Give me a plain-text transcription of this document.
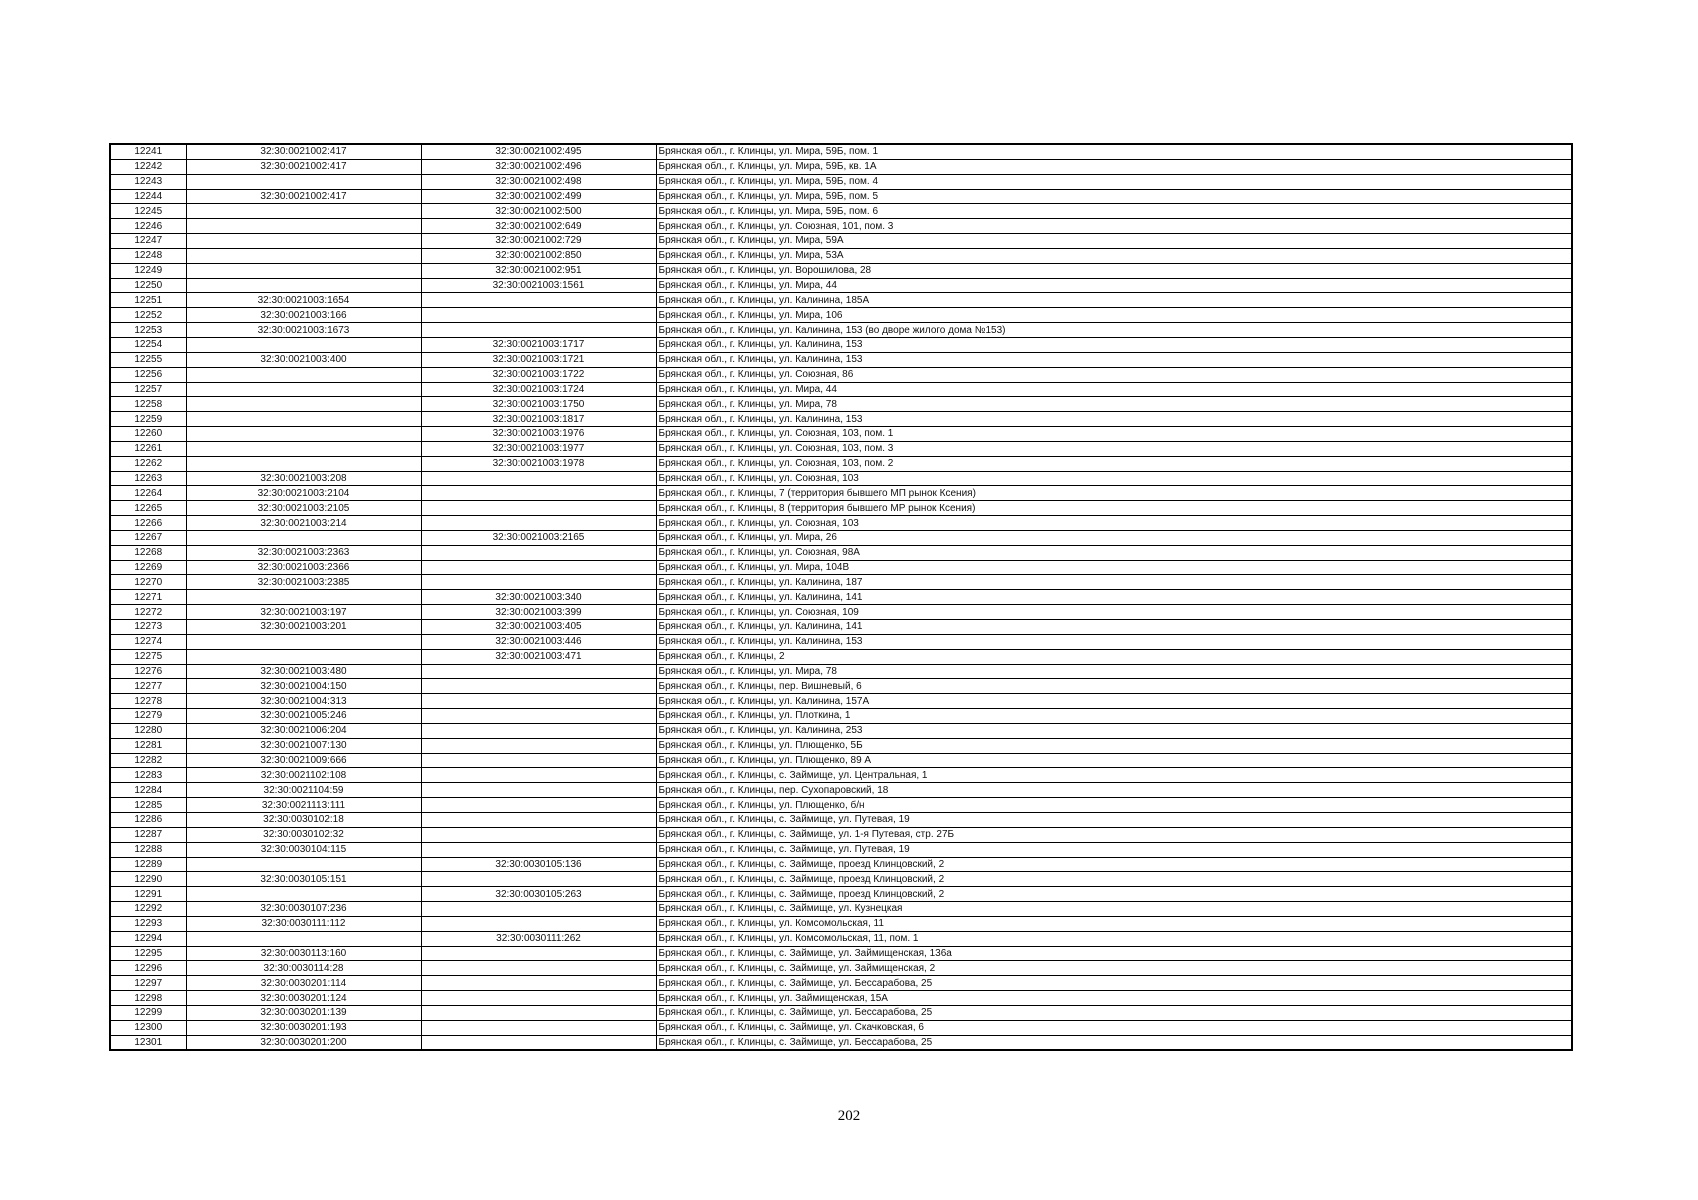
12241	32:30:0021002:417	32:30:0021002:495	Брянская обл., г. Клинцы, ул. Мира, 59Б, пом. 1
12242	32:30:0021002:417	32:30:0021002:496	Брянская обл., г. Клинцы, ул. Мира, 59Б, кв. 1А
12243		32:30:0021002:498	Брянская обл., г. Клинцы, ул. Мира, 59Б, пом. 4
12244	32:30:0021002:417	32:30:0021002:499	Брянская обл., г. Клинцы, ул. Мира, 59Б, пом. 5
12245		32:30:0021002:500	Брянская обл., г. Клинцы, ул. Мира, 59Б, пом. 6
12246		32:30:0021002:649	Брянская обл., г. Клинцы, ул. Союзная, 101, пом. 3
12247		32:30:0021002:729	Брянская обл., г. Клинцы, ул. Мира, 59А
12248		32:30:0021002:850	Брянская обл., г. Клинцы, ул. Мира, 53А
12249		32:30:0021002:951	Брянская обл., г. Клинцы, ул. Ворошилова, 28
12250		32:30:0021003:1561	Брянская обл., г. Клинцы, ул. Мира, 44
12251	32:30:0021003:1654		Брянская обл., г. Клинцы, ул. Калинина, 185А
12252	32:30:0021003:166		Брянская обл., г. Клинцы, ул. Мира, 106
12253	32:30:0021003:1673		Брянская обл., г. Клинцы, ул. Калинина, 153 (во дворе жилого дома №153)
12254		32:30:0021003:1717	Брянская обл., г. Клинцы, ул. Калинина, 153
12255	32:30:0021003:400	32:30:0021003:1721	Брянская обл., г. Клинцы, ул. Калинина, 153
12256		32:30:0021003:1722	Брянская обл., г. Клинцы, ул. Союзная, 86
12257		32:30:0021003:1724	Брянская обл., г. Клинцы, ул. Мира, 44
12258		32:30:0021003:1750	Брянская обл., г. Клинцы, ул. Мира, 78
12259		32:30:0021003:1817	Брянская обл., г. Клинцы, ул. Калинина, 153
12260		32:30:0021003:1976	Брянская обл., г. Клинцы, ул. Союзная, 103, пом. 1
12261		32:30:0021003:1977	Брянская обл., г. Клинцы, ул. Союзная, 103, пом. 3
12262		32:30:0021003:1978	Брянская обл., г. Клинцы, ул. Союзная, 103, пом. 2
12263	32:30:0021003:208		Брянская обл., г. Клинцы, ул. Союзная, 103
12264	32:30:0021003:2104		Брянская обл., г. Клинцы, 7 (территория бывшего МП рынок Ксения)
12265	32:30:0021003:2105		Брянская обл., г. Клинцы, 8 (территория бывшего МР рынок Ксения)
12266	32:30:0021003:214		Брянская обл., г. Клинцы, ул. Союзная, 103
12267		32:30:0021003:2165	Брянская обл., г. Клинцы, ул. Мира, 26
12268	32:30:0021003:2363		Брянская обл., г. Клинцы, ул. Союзная, 98А
12269	32:30:0021003:2366		Брянская обл., г. Клинцы, ул. Мира, 104В
12270	32:30:0021003:2385		Брянская обл., г. Клинцы, ул. Калинина, 187
12271		32:30:0021003:340	Брянская обл., г. Клинцы, ул. Калинина, 141
12272	32:30:0021003:197	32:30:0021003:399	Брянская обл., г. Клинцы, ул. Союзная, 109
12273	32:30:0021003:201	32:30:0021003:405	Брянская обл., г. Клинцы, ул. Калинина, 141
12274		32:30:0021003:446	Брянская обл., г. Клинцы, ул. Калинина, 153
12275		32:30:0021003:471	Брянская обл., г. Клинцы, 2
12276	32:30:0021003:480		Брянская обл., г. Клинцы, ул. Мира, 78
12277	32:30:0021004:150		Брянская обл., г. Клинцы, пер. Вишневый, 6
12278	32:30:0021004:313		Брянская обл., г. Клинцы, ул. Калинина, 157А
12279	32:30:0021005:246		Брянская обл., г. Клинцы, ул. Плоткина, 1
12280	32:30:0021006:204		Брянская обл., г. Клинцы, ул. Калинина, 253
12281	32:30:0021007:130		Брянская обл., г. Клинцы, ул. Плющенко, 5Б
12282	32:30:0021009:666		Брянская обл., г. Клинцы, ул. Плющенко, 89 А
12283	32:30:0021102:108		Брянская обл., г. Клинцы, с. Займище, ул. Центральная, 1
12284	32:30:0021104:59		Брянская обл., г. Клинцы, пер. Сухопаровский, 18
12285	32:30:0021113:111		Брянская обл., г. Клинцы, ул. Плющенко, б/н
12286	32:30:0030102:18		Брянская обл., г. Клинцы, с. Займище, ул. Путевая, 19
12287	32:30:0030102:32		Брянская обл., г. Клинцы, с. Займище, ул. 1-я Путевая, стр. 27Б
12288	32:30:0030104:115		Брянская обл., г. Клинцы, с. Займище, ул. Путевая, 19
12289		32:30:0030105:136	Брянская обл., г. Клинцы, с. Займище, проезд Клинцовский, 2
12290	32:30:0030105:151		Брянская обл., г. Клинцы, с. Займище, проезд Клинцовский, 2
12291		32:30:0030105:263	Брянская обл., г. Клинцы, с. Займище, проезд Клинцовский, 2
12292	32:30:0030107:236		Брянская обл., г. Клинцы, с. Займище, ул. Кузнецкая
12293	32:30:0030111:112		Брянская обл., г. Клинцы, ул. Комсомольская, 11
12294		32:30:0030111:262	Брянская обл., г. Клинцы, ул. Комсомольская, 11, пом. 1
12295	32:30:0030113:160		Брянская обл., г. Клинцы, с. Займище, ул. Займищенская, 136а
12296	32:30:0030114:28		Брянская обл., г. Клинцы, с. Займище, ул. Займищенская, 2
12297	32:30:0030201:114		Брянская обл., г. Клинцы, с. Займище, ул. Бессарабова, 25
12298	32:30:0030201:124		Брянская обл., г. Клинцы, ул. Займищенская, 15А
12299	32:30:0030201:139		Брянская обл., г. Клинцы, с. Займище, ул. Бессарабова, 25
12300	32:30:0030201:193		Брянская обл., г. Клинцы, с. Займище, ул. Скачковская, 6
12301	32:30:0030201:200		Брянская обл., г. Клинцы, с. Займище, ул. Бессарабова, 25
202
